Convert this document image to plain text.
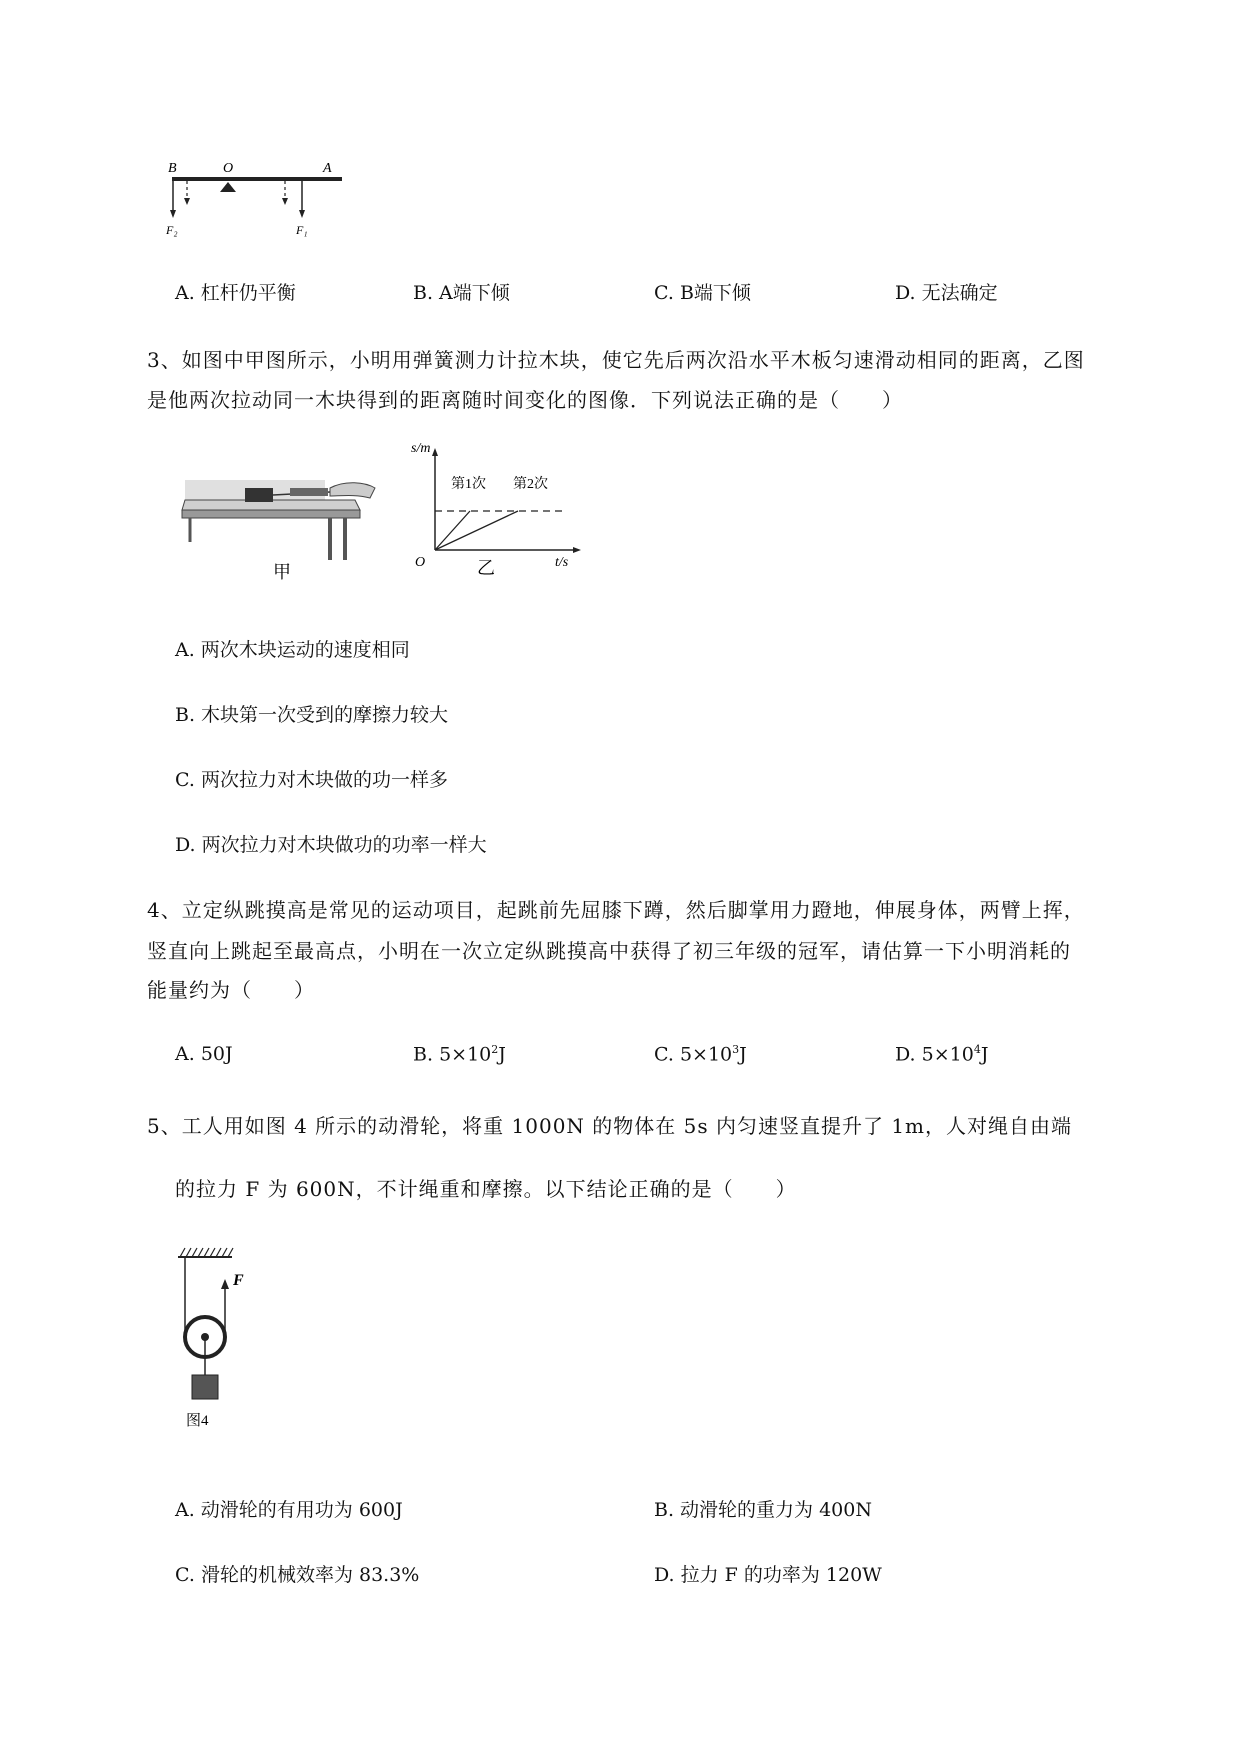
B	O	A
F₂	F₁
A. 杠杆仍平衡	B. A端下倾	C. B端下倾	D. 无法确定
3、如图中甲图所示，小明用弹簧测力计拉木块，使它先后两次沿水平木板匀速滑动相同的距离，乙图
是他两次拉动同一木块得到的距离随时间变化的图像．下列说法正确的是（　　）
甲
s/m
t/s
O
第1次 第2次
乙
A. 两次木块运动的速度相同
B. 木块第一次受到的摩擦力较大
C. 两次拉力对木块做的功一样多
D. 两次拉力对木块做功的功率一样大
4、立定纵跳摸高是常见的运动项目，起跳前先屈膝下蹲，然后脚掌用力蹬地，伸展身体，两臂上挥，
竖直向上跳起至最高点，小明在一次立定纵跳摸高中获得了初三年级的冠军，请估算一下小明消耗的
能量约为（　　）
A. 50J	B. $5\times 10^2J$	C. $5\times 10^3J$	D. $5\times 10^4J$
5、工人用如图 4 所示的动滑轮，将重 1000N 的物体在 5s 内匀速竖直提升了 1m，人对绳自由端
的拉力 F 为 600N，不计绳重和摩擦。以下结论正确的是（　　）
F
图4
A. 动滑轮的有用功为 600J	B. 动滑轮的重力为 400N
C. 滑轮的机械效率为 83.3%	D. 拉力 F 的功率为 120W
